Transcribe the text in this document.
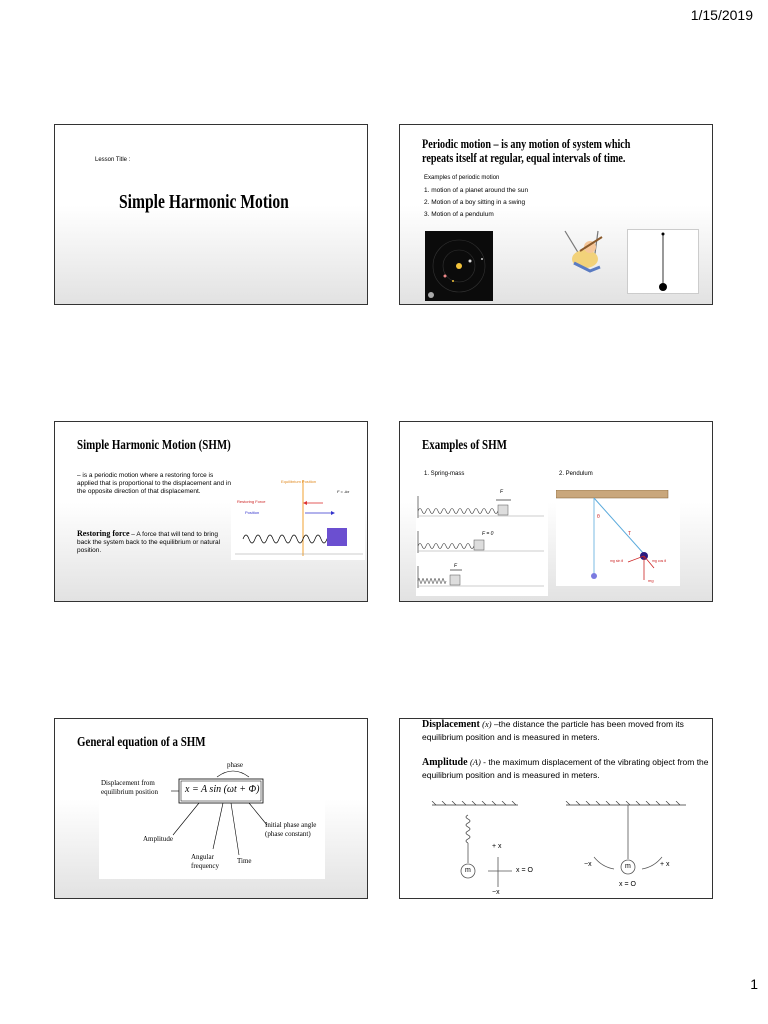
1/15/2019
Lesson Title :
Simple Harmonic Motion
Periodic motion – is any motion of system which
repeats itself at regular, equal intervals of time.
Examples of periodic motion
1. motion of a planet around the sun
2. Motion of a boy sitting in a swing
3. Motion of a pendulum
Simple Harmonic Motion (SHM)
– is a periodic motion where a restoring force is applied that is proportional to the displacement and in the opposite direction of that displacement.
Restoring force – A force that will tend to bring back the system back to the equilibrium or natural position.
Equilibrium Position
Restoring Force
Position
F = -kx
Examples of SHM
1. Spring-mass	2. Pendulum
F
F = 0
F
θ
T
mg sin θ	mg cos θ
mg
General equation of a SHM
x = A sin (ωt + Φ)
phase
Displacement from equilibrium position
Amplitude
Angular frequency
Time
Initial phase angle (phase constant)
Displacement (x) –the distance the particle has been moved from its equilibrium position and is measured in meters.
Amplitude (A) - the maximum displacement of the vibrating object from the equilibrium position and is measured in meters.
m
+ x
−x
x = O
m
−x	+ x
x = O
1
